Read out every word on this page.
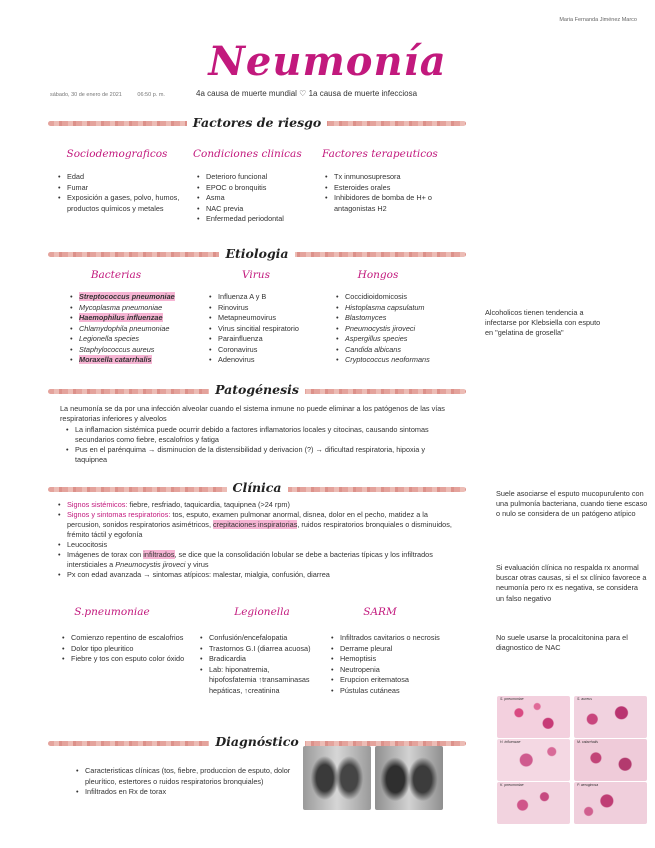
Maria Fernanda Jiménez Marco
Neumonía
sábado, 30 de enero de 2021	06:50 p. m.	4a causa de muerte mundial ♡ 1a causa de muerte infecciosa
Factores de riesgo
Sociodemograficos
• Edad
• Fumar
• Exposición a gases, polvo, humos, productos químicos y metales
Condiciones clinicas
• Deterioro funcional
• EPOC o bronquitis
• Asma
• NAC previa
• Enfermedad periodontal
Factores terapeuticos
• Tx inmunosupresora
• Esteroides orales
• Inhibidores de bomba de H+ o antagonistas H2
Etiologia
Bacterias
• Streptococcus pneumoniae
• Mycoplasma pneumoniae
• Haemophilus influenzae
• Chlamydophila pneumoniae
• Legionella species
• Staphylococcus aureus
• Moraxella catarrhalis
Virus
• Influenza A y B
• Rinovirus
• Metapneumovirus
• Virus sincitial respiratorio
• Parainfluenza
• Coronavirus
• Adenovirus
Hongos
• Coccidioidomicosis
• Histoplasma capsulatum
• Blastomyces
• Pneumocystis jiroveci
• Aspergillus species
• Candida albicans
• Cryptococcus neoformans
Alcoholicos tienen tendencia a infectarse por Klebsiella con esputo en "gelatina de grosella"
Patogénesis
La neumonía se da por una infección alveolar cuando el sistema inmune no puede eliminar a los patógenos de las vías respiratorias inferiores y alveolos
• La inflamacion sistémica puede ocurrir debido a factores inflamatorios locales y citocinas, causando sintomas secundarios como fiebre, escalofrios y fatiga
• Pus en el parénquima → disminucion de la distensibilidad y derivacion (?) → dificultad respiratoria, hipoxia y taquipnea
Clínica
• Signos sistémicos: fiebre, resfriado, taquicardia, taquipnea (>24 rpm)
• Signos y sintomas respiratorios: tos, esputo, examen pulmonar anormal, disnea, dolor en el pecho, matidez a la percusion, sonidos respiratorios asimétricos, crepitaciones inspiratorias, ruidos respiratorios bronquiales o disminuidos, frémito táctil y egofonía
• Leucocitosis
• Imágenes de torax con infiltrados, se dice que la consolidación lobular se debe a bacterias típicas y los infiltrados intersticiales a Pneumocystis jiroveci y virus
• Px con edad avanzada → sintomas atípicos: malestar, mialgia, confusión, diarrea
Suele asociarse el esputo mucopurulento con una pulmonía bacteriana, cuando tiene escaso o nulo se considera de un patógeno atípico
Si evaluación clínica no respalda rx anormal buscar otras causas, si el sx clínico favorece a neumonía pero rx es negativa, se considera un falso negativo
No suele usarse la procalcitonina para el diagnostico de NAC
S.pneumoniae
• Comienzo repentino de escalofrios
• Dolor tipo pleuritico
• Fiebre y tos con esputo color óxido
Legionella
• Confusión/encefalopatia
• Trastornos G.I (diarrea acuosa)
• Bradicardia
• Lab: hiponatremia, hipofosfatemia ↑transaminasas hepáticas, ↑creatinina
SARM
• Infiltrados cavitarios o necrosis
• Derrame pleural
• Hemoptisis
• Neutropenia
• Erupcion eritematosa
• Pústulas cutáneas
S. pneumoniae	S. aureus
H. influenzae	M. catarrhalis
K. pneumoniae	P. aeruginosa
Diagnóstico
• Caracteristicas clínicas (tos, fiebre, produccion de esputo, dolor pleurítico, estertores o ruidos respiratorios bronquiales)
• Infiltrados en Rx de torax
